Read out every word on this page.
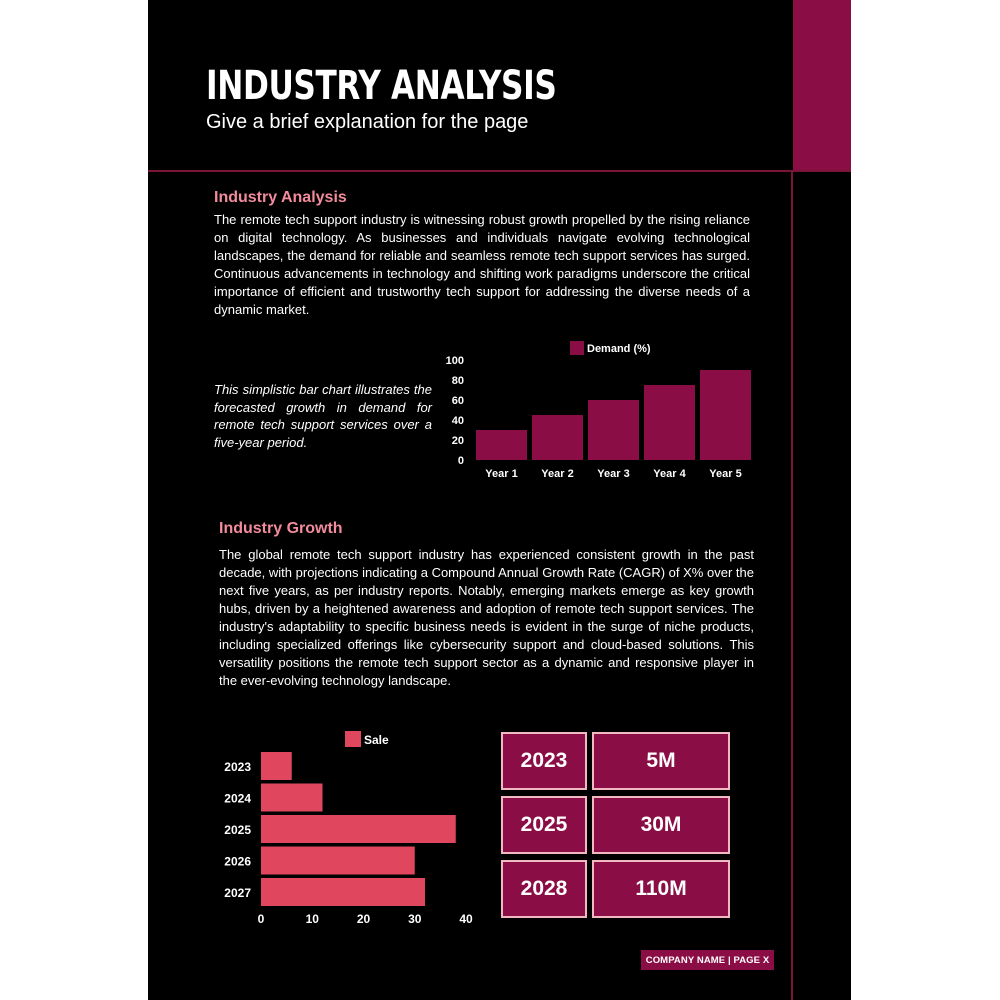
INDUSTRY ANALYSIS
Give a brief explanation for the page
Industry Analysis
The remote tech support industry is witnessing robust growth propelled by the rising reliance on digital technology. As businesses and individuals navigate evolving technological landscapes, the demand for reliable and seamless remote tech support services has surged. Continuous advancements in technology and shifting work paradigms underscore the critical importance of efficient and trustworthy tech support for addressing the diverse needs of a dynamic market.
This simplistic bar chart illustrates the forecasted growth in demand for remote tech support services over a five-year period.
Demand (%)
0
20
40
60
80
100
Year 1 Year 2 Year 3 Year 4 Year 5
Industry Growth
The global remote tech support industry has experienced consistent growth in the past decade, with projections indicating a Compound Annual Growth Rate (CAGR) of X% over the next five years, as per industry reports. Notably, emerging markets emerge as key growth hubs, driven by a heightened awareness and adoption of remote tech support services. The industry's adaptability to specific business needs is evident in the surge of niche products, including specialized offerings like cybersecurity support and cloud-based solutions. This versatility positions the remote tech support sector as a dynamic and responsive player in the ever-evolving technology landscape.
Sale
2023
2024
2025
2026
2027
0	10	20	30	40
2023	5M
2025	30M
2028	110M
COMPANY NAME | PAGE X
